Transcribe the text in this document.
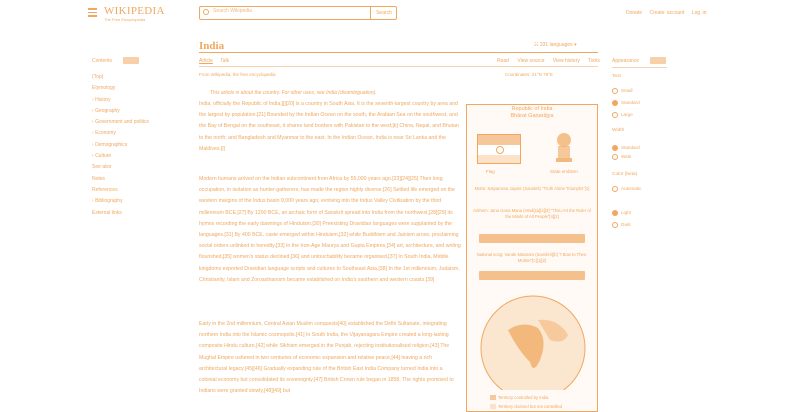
WIKIPEDIA
The Free Encyclopedia
Search Wikipedia	Search	Donate Create account Log in
Contents
(Top)
Etymology
› History
› Geography
› Government and politics
› Economy
› Demographics
› Culture
See also
Notes
References
› Bibliography
External links
India	☷ 331 languages ▾
Article Talk	Read View source View history Tools
From Wikipedia, the free encyclopedia	Coordinates: 21°N 78°E
This article is about the country. For other uses, see India (disambiguation).
India, officially the Republic of India,[j][20] is a country in South Asia. It is the seventh-largest country by area and the largest by population.[21] Bounded by the Indian Ocean on the south, the Arabian Sea on the southwest, and the Bay of Bengal on the southeast, it shares land borders with Pakistan to the west;[k] China, Nepal, and Bhutan to the north; and Bangladesh and Myanmar to the east. In the Indian Ocean, India is near Sri Lanka and the Maldives.[l]
Modern humans arrived on the Indian subcontinent from Africa by 55,000 years ago.[23][24][25] Their long occupation, in isolation as hunter-gatherers, has made the region highly diverse.[26] Settled life emerged on the western margins of the Indus basin 9,000 years ago, evolving into the Indus Valley Civilisation by the third millennium BCE.[27] By 1200 BCE, an archaic form of Sanskrit spread into India from the northwest,[28][29] its hymns recording the early dawnings of Hinduism.[30] Preexisting Dravidian languages were supplanted by the languages.[31] By 400 BCE, caste emerged within Hinduism,[32] while Buddhism and Jainism arose, proclaiming social orders unlinked to heredity.[33] In the Iron-Age Maurya and Gupta Empires,[34] art, architecture, and writing flourished,[35] women's status declined,[36] and untouchability became organised.[37] In South India, Middle kingdoms exported Dravidian language scripts and cultures to Southeast Asia.[38] In the 1st millennium, Judaism, Christianity, Islam and Zoroastrianism became established on India's southern and western coasts.[39]
Early in the 2nd millennium, Central Asian Muslim conquests[40] established the Delhi Sultanate, integrating northern India into the Islamic cosmopolis.[41] In South India, the Vijayanagara Empire created a long-lasting composite Hindu culture,[42] while Sikhism emerged in the Punjab, rejecting institutionalised religion.[43] The Mughal Empire ushered in two centuries of economic expansion and relative peace,[44] leaving a rich architectural legacy.[45][46] Gradually expanding rule of the British East India Company turned India into a colonial economy but consolidated its sovereignty.[47] British Crown rule began in 1858. The rights promised to Indians were granted slowly,[48][49] but
Republic of India
Bhārat Gaṇarājya
Flag	State emblem
Motto: Satyameva Jayate (Sanskrit) "Truth Alone Triumphs"[1]
Anthem: Jana Gana Mana (Hindi)[a][2][3] "Thou Art the Ruler of the Minds of All People"[4][2]
National song: Vande Mataram (Sanskrit)[b] "I Bow to Thee, Mother"[c][1][2]
Territory controlled by India
Territory claimed but not controlled
Appearance
Text
Small
Standard
Large
Width
Standard
Wide
Color (beta)
Automatic
Light
Dark
